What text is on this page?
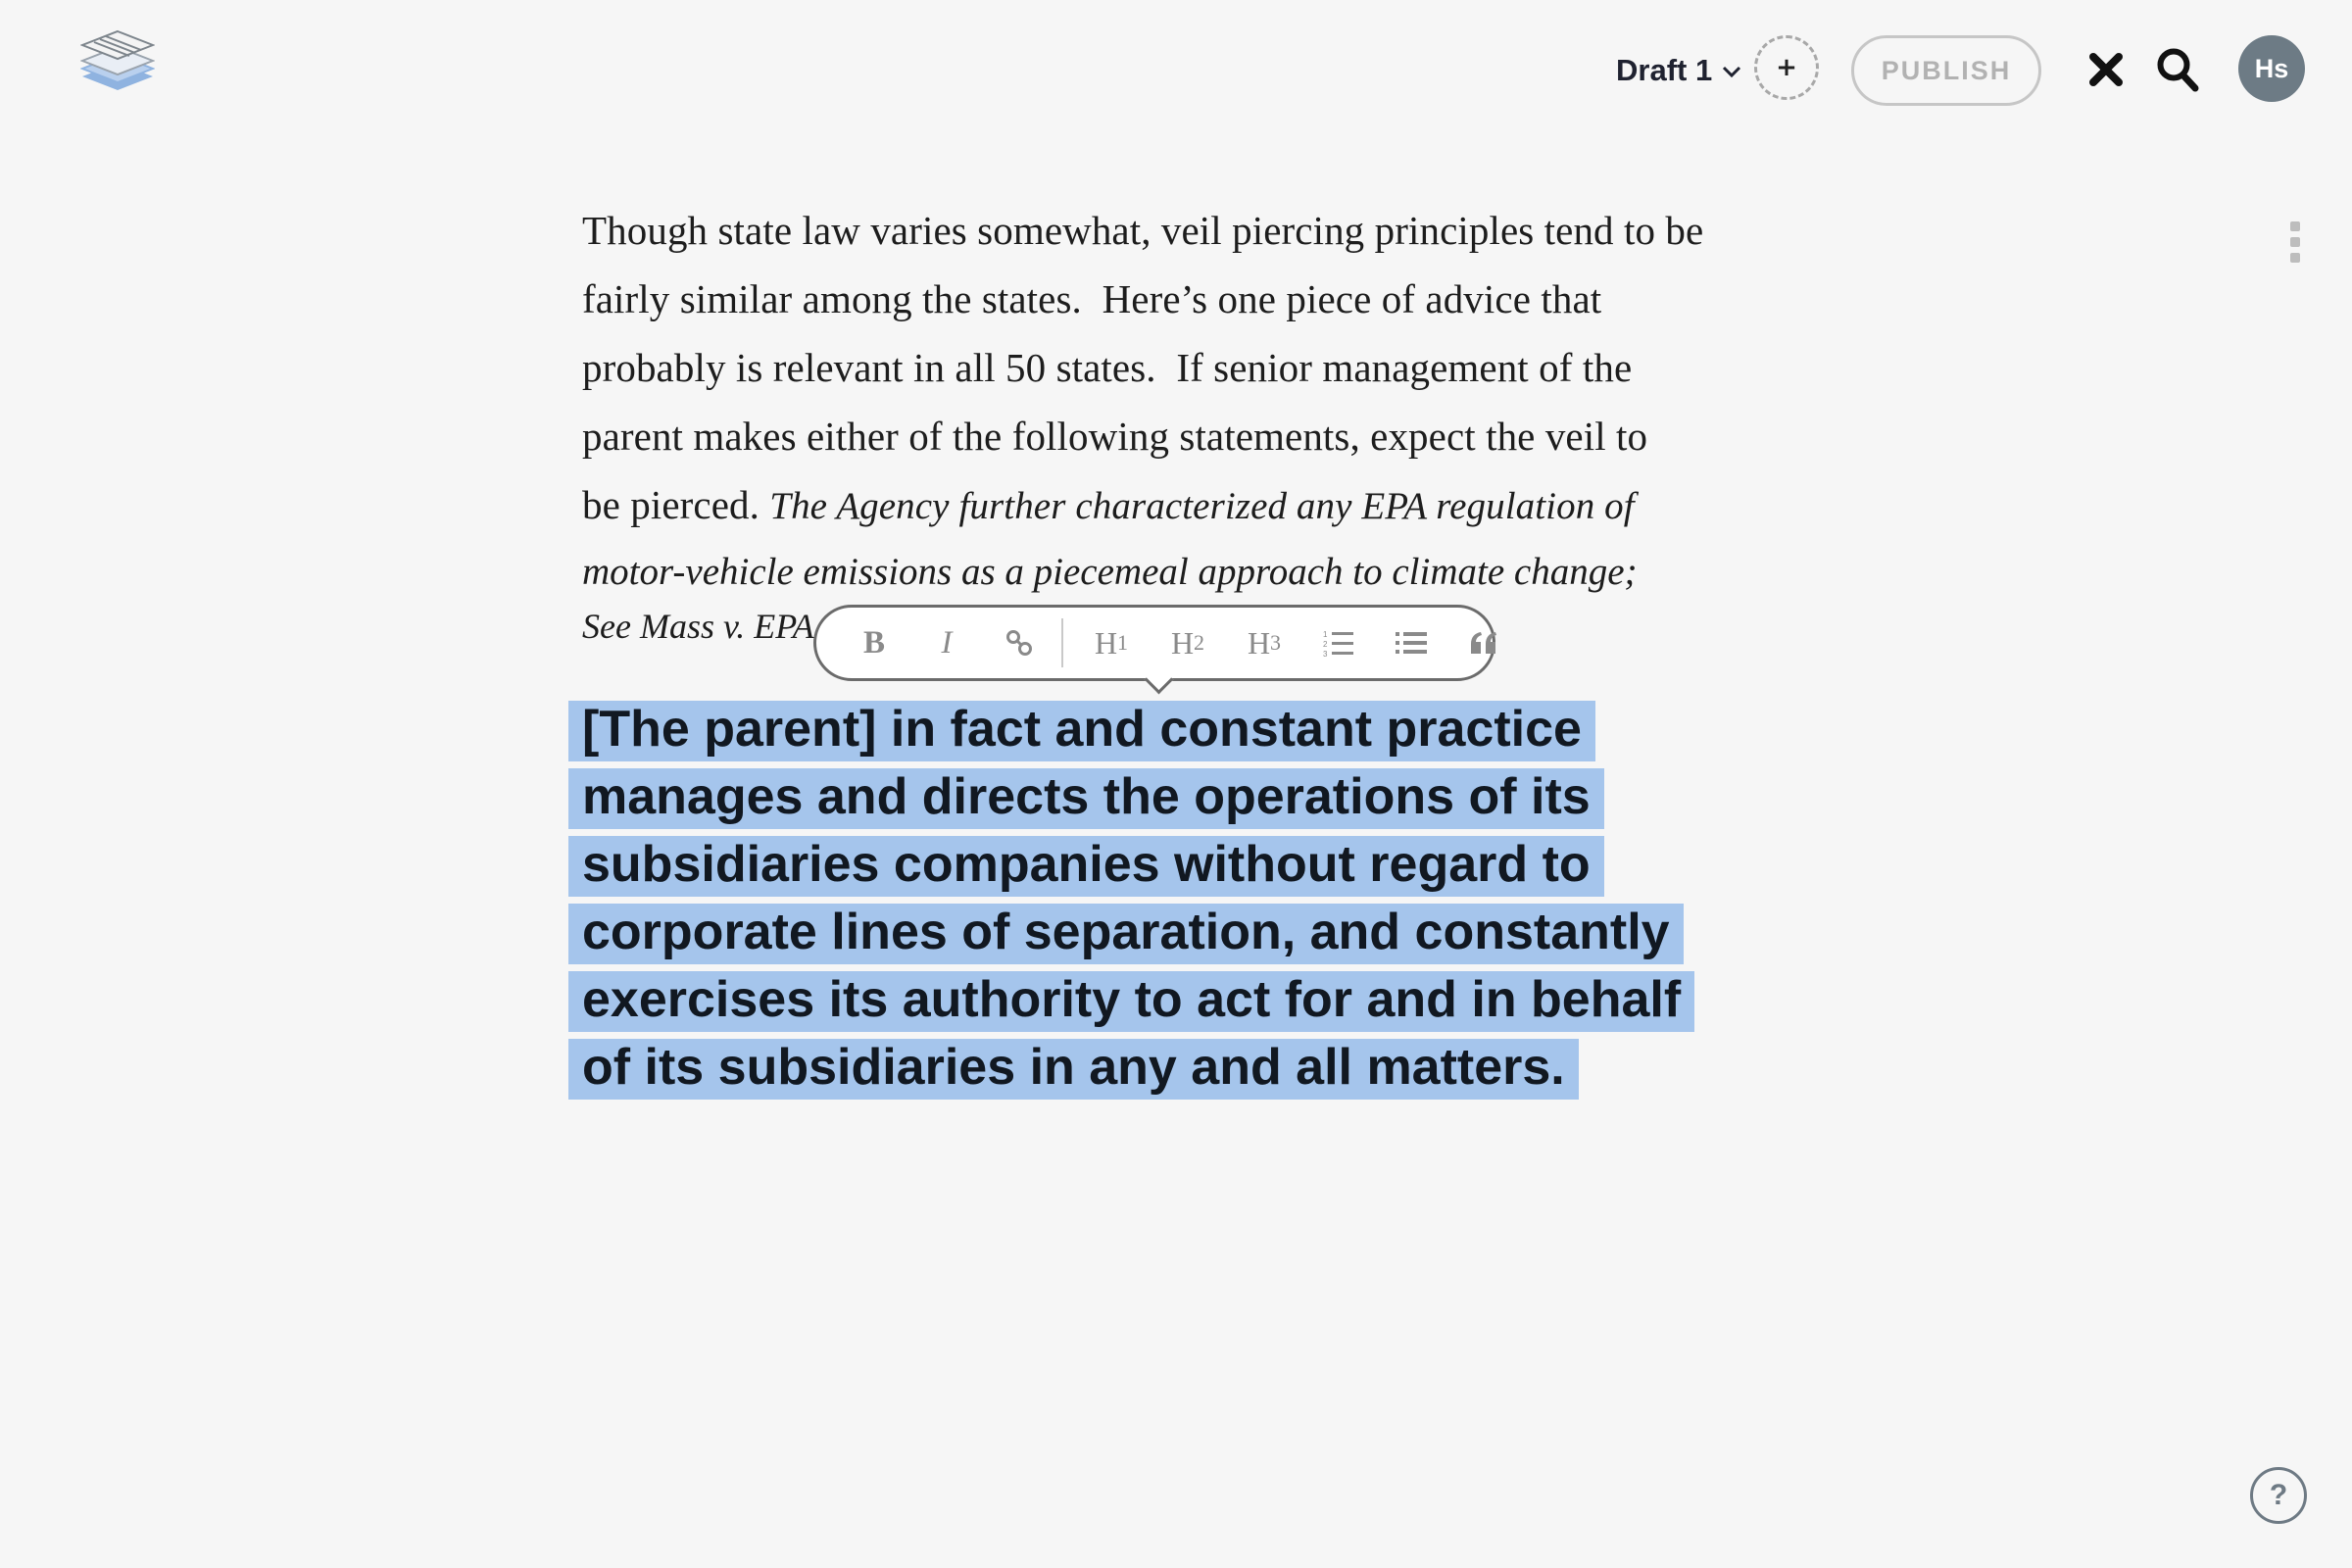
Draft 1 +	PUBLISH	Hs

Though state law varies somewhat, veil piercing principles tend to be
fairly similar among the states.  Here’s one piece of advice that
probably is relevant in all 50 states.  If senior management of the
parent makes either of the following statements, expect the veil to
be pierced. The Agency further characterized any EPA regulation of

motor-vehicle emissions as a piecemeal approach to climate change;
See Mass v. EPA
[The parent] in fact and constant practice
manages and directs the operations of its
subsidiaries companies without regard to
corporate lines of separation, and constantly
exercises its authority to act for and in behalf
of its subsidiaries in any and all matters.
B I	H 1 H 2 H 3	1
2
3
?
